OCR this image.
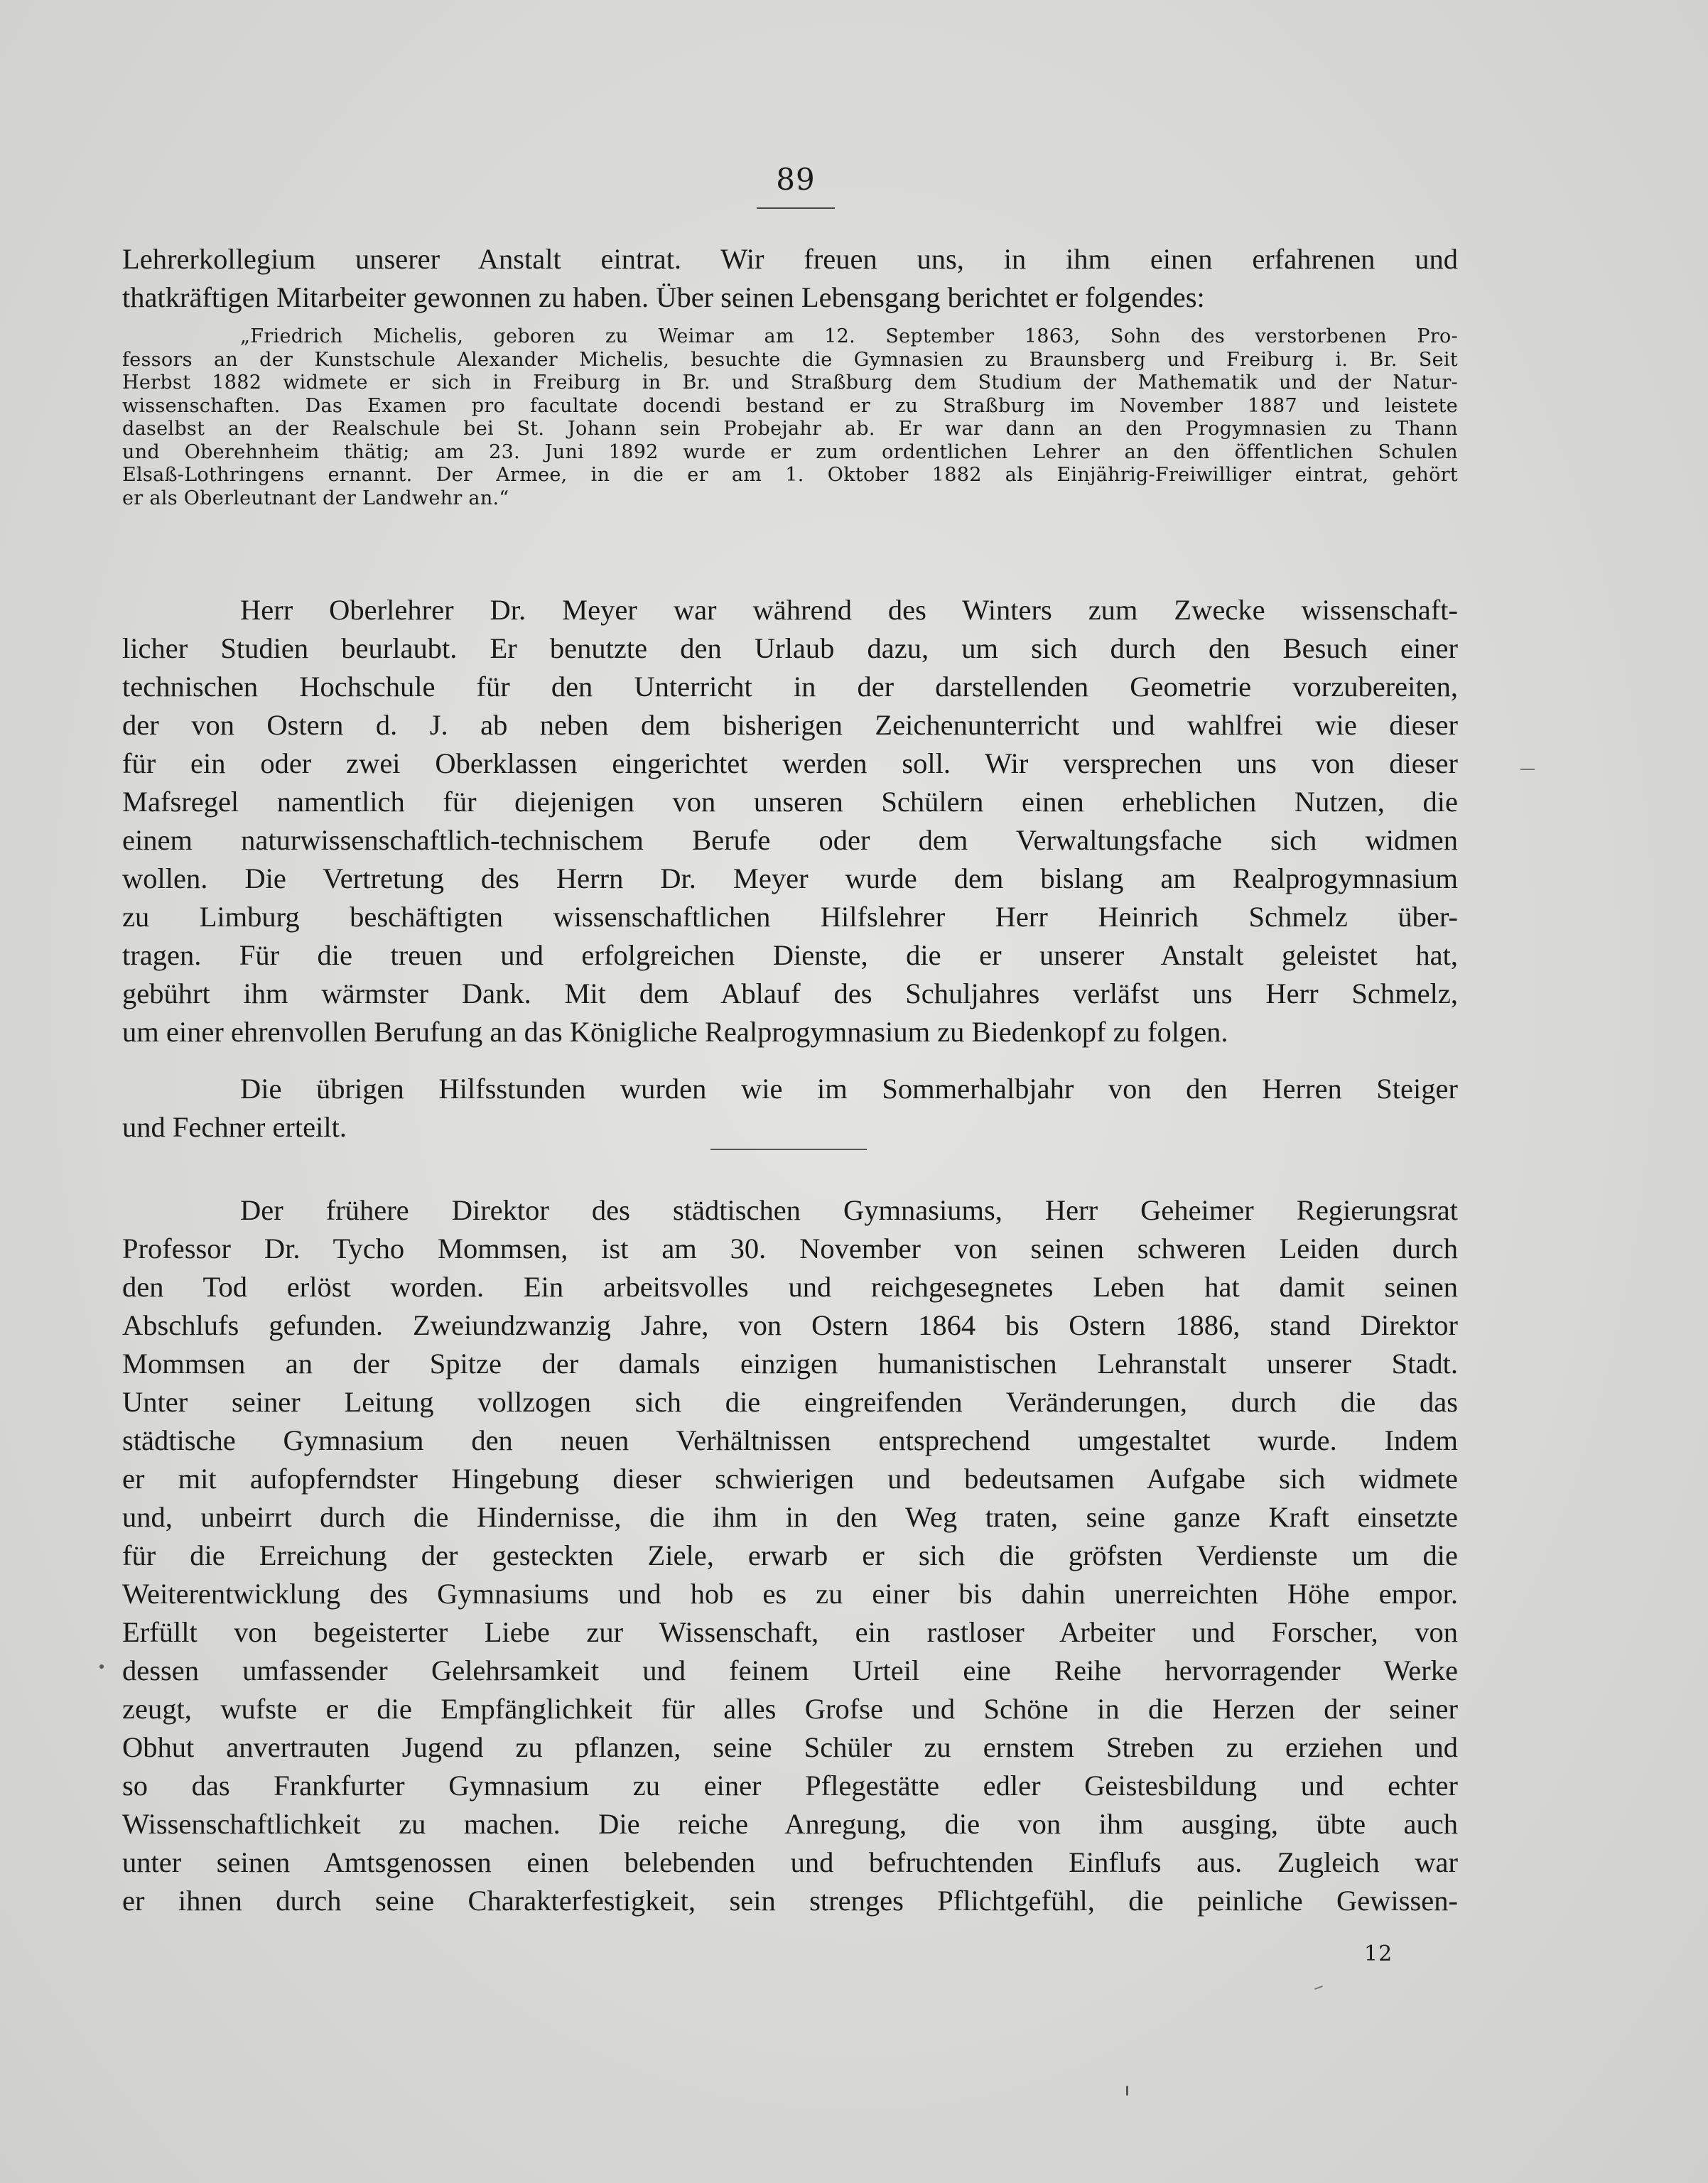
89

Lehrerkollegium unserer Anstalt eintrat. Wir freuen uns, in ihm einen erfahrenen und

thatkräftigen Mitarbeiter gewonnen zu haben. Über seinen Lebensgang berichtet er folgendes:

„Friedrich Michelis, geboren zu Weimar am 12. September 1863, Sohn des verstorbenen Pro-

fessors an der Kunstschule Alexander Michelis, besuchte die Gymnasien zu Braunsberg und Freiburg i. Br. Seit

Herbst 1882 widmete er sich in Freiburg in Br. und Straßburg dem Studium der Mathematik und der Natur-

wissenschaften. Das Examen pro facultate docendi bestand er zu Straßburg im November 1887 und leistete

daselbst an der Realschule bei St. Johann sein Probejahr ab. Er war dann an den Progymnasien zu Thann

und Oberehnheim thätig; am 23. Juni 1892 wurde er zum ordentlichen Lehrer an den öffentlichen Schulen

Elsaß-Lothringens ernannt. Der Armee, in die er am 1. Oktober 1882 als Einjährig-Freiwilliger eintrat, gehört

er als Oberleutnant der Landwehr an.“

Herr Oberlehrer Dr. Meyer war während des Winters zum Zwecke wissenschaft-

licher Studien beurlaubt. Er benutzte den Urlaub dazu, um sich durch den Besuch einer

technischen Hochschule für den Unterricht in der darstellenden Geometrie vorzubereiten,

der von Ostern d. J. ab neben dem bisherigen Zeichenunterricht und wahlfrei wie dieser

für ein oder zwei Oberklassen eingerichtet werden soll. Wir versprechen uns von dieser

Mafsregel namentlich für diejenigen von unseren Schülern einen erheblichen Nutzen, die

einem naturwissenschaftlich-technischem Berufe oder dem Verwaltungsfache sich widmen

wollen. Die Vertretung des Herrn Dr. Meyer wurde dem bislang am Realprogymnasium

zu Limburg beschäftigten wissenschaftlichen Hilfslehrer Herr Heinrich Schmelz über-

tragen. Für die treuen und erfolgreichen Dienste, die er unserer Anstalt geleistet hat,

gebührt ihm wärmster Dank. Mit dem Ablauf des Schuljahres verläfst uns Herr Schmelz,

um einer ehrenvollen Berufung an das Königliche Realprogymnasium zu Biedenkopf zu folgen.

Die übrigen Hilfsstunden wurden wie im Sommerhalbjahr von den Herren Steiger

und Fechner erteilt.

Der frühere Direktor des städtischen Gymnasiums, Herr Geheimer Regierungsrat

Professor Dr. Tycho Mommsen, ist am 30. November von seinen schweren Leiden durch

den Tod erlöst worden. Ein arbeitsvolles und reichgesegnetes Leben hat damit seinen

Abschlufs gefunden. Zweiundzwanzig Jahre, von Ostern 1864 bis Ostern 1886, stand Direktor

Mommsen an der Spitze der damals einzigen humanistischen Lehranstalt unserer Stadt.

Unter seiner Leitung vollzogen sich die eingreifenden Veränderungen, durch die das

städtische Gymnasium den neuen Verhältnissen entsprechend umgestaltet wurde. Indem

er mit aufopferndster Hingebung dieser schwierigen und bedeutsamen Aufgabe sich widmete

und, unbeirrt durch die Hindernisse, die ihm in den Weg traten, seine ganze Kraft einsetzte

für die Erreichung der gesteckten Ziele, erwarb er sich die gröfsten Verdienste um die

Weiterentwicklung des Gymnasiums und hob es zu einer bis dahin unerreichten Höhe empor.

Erfüllt von begeisterter Liebe zur Wissenschaft, ein rastloser Arbeiter und Forscher, von

dessen umfassender Gelehrsamkeit und feinem Urteil eine Reihe hervorragender Werke

zeugt, wufste er die Empfänglichkeit für alles Grofse und Schöne in die Herzen der seiner

Obhut anvertrauten Jugend zu pflanzen, seine Schüler zu ernstem Streben zu erziehen und

so das Frankfurter Gymnasium zu einer Pflegestätte edler Geistesbildung und echter

Wissenschaftlichkeit zu machen. Die reiche Anregung, die von ihm ausging, übte auch

unter seinen Amtsgenossen einen belebenden und befruchtenden Einflufs aus. Zugleich war

er ihnen durch seine Charakterfestigkeit, sein strenges Pflichtgefühl, die peinliche Gewissen-

12
